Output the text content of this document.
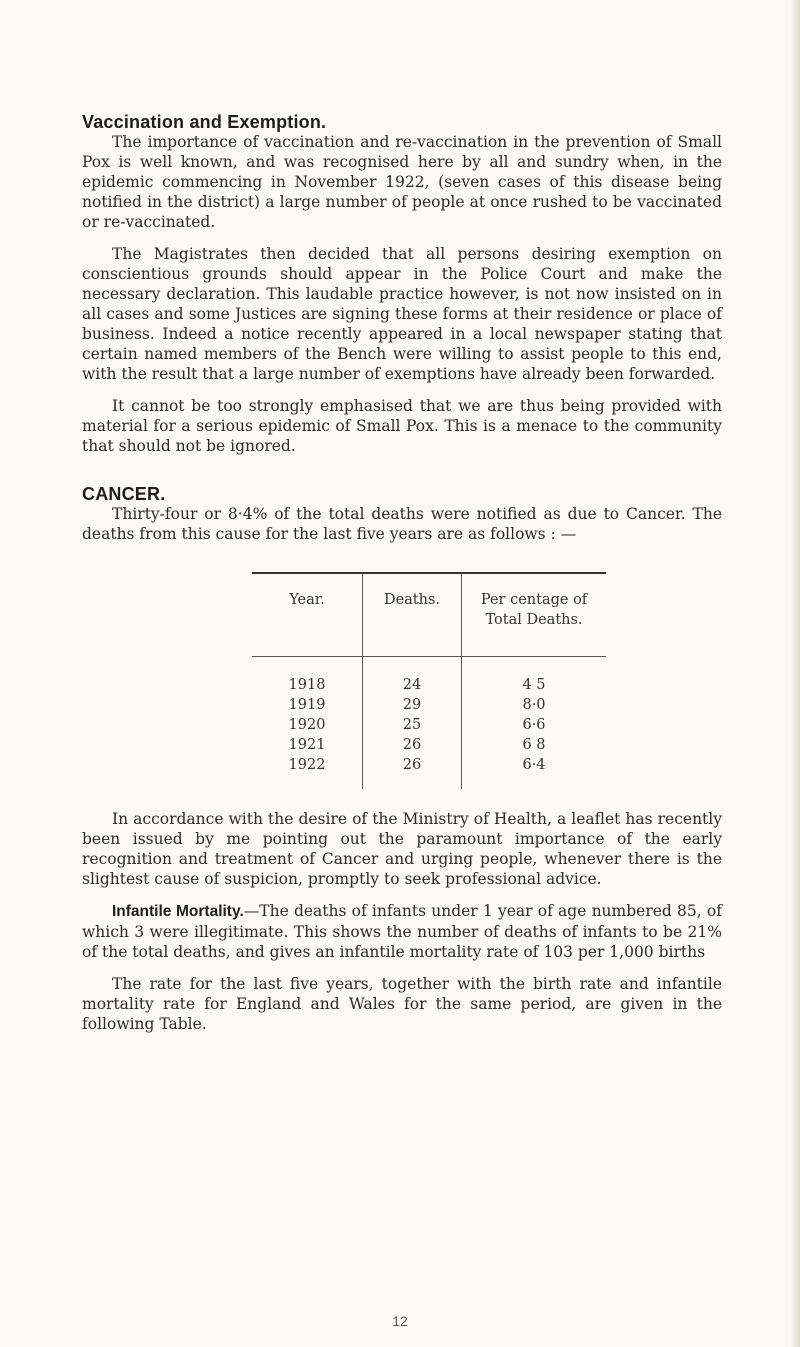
Vaccination and Exemption.

The importance of vaccination and re-vaccination in the prevention of Small Pox is well known, and was recognised here by all and sundry when, in the epidemic commencing in November 1922, (seven cases of this disease being notified in the district) a large number of people at once rushed to be vaccinated or re-vaccinated.

The Magistrates then decided that all persons desiring exemption on conscientious grounds should appear in the Police Court and make the necessary declaration. This laudable practice however, is not now insisted on in all cases and some Justices are signing these forms at their residence or place of business. Indeed a notice recently appeared in a local newspaper stating that certain named members of the Bench were willing to assist people to this end, with the result that a large number of exemptions have already been forwarded.

It cannot be too strongly emphasised that we are thus being provided with material for a serious epidemic of Small Pox. This is a menace to the community that should not be ignored.

CANCER.

Thirty-four or 8·4% of the total deaths were notified as due to Cancer. The deaths from this cause for the last five years are as follows : —

Year.	Deaths.	Per centage of Total Deaths.
1918	24	4 5
1919	29	8·0
1920	25	6·6
1921	26	6 8
1922	26	6·4

In accordance with the desire of the Ministry of Health, a leaflet has recently been issued by me pointing out the paramount importance of the early recognition and treatment of Cancer and urging people, whenever there is the slightest cause of suspicion, promptly to seek professional advice.

Infantile Mortality.—The deaths of infants under 1 year of age numbered 85, of which 3 were illegitimate. This shows the number of deaths of infants to be 21% of the total deaths, and gives an infantile mortality rate of 103 per 1,000 births

The rate for the last five years, together with the birth rate and infantile mortality rate for England and Wales for the same period, are given in the following Table.

12
